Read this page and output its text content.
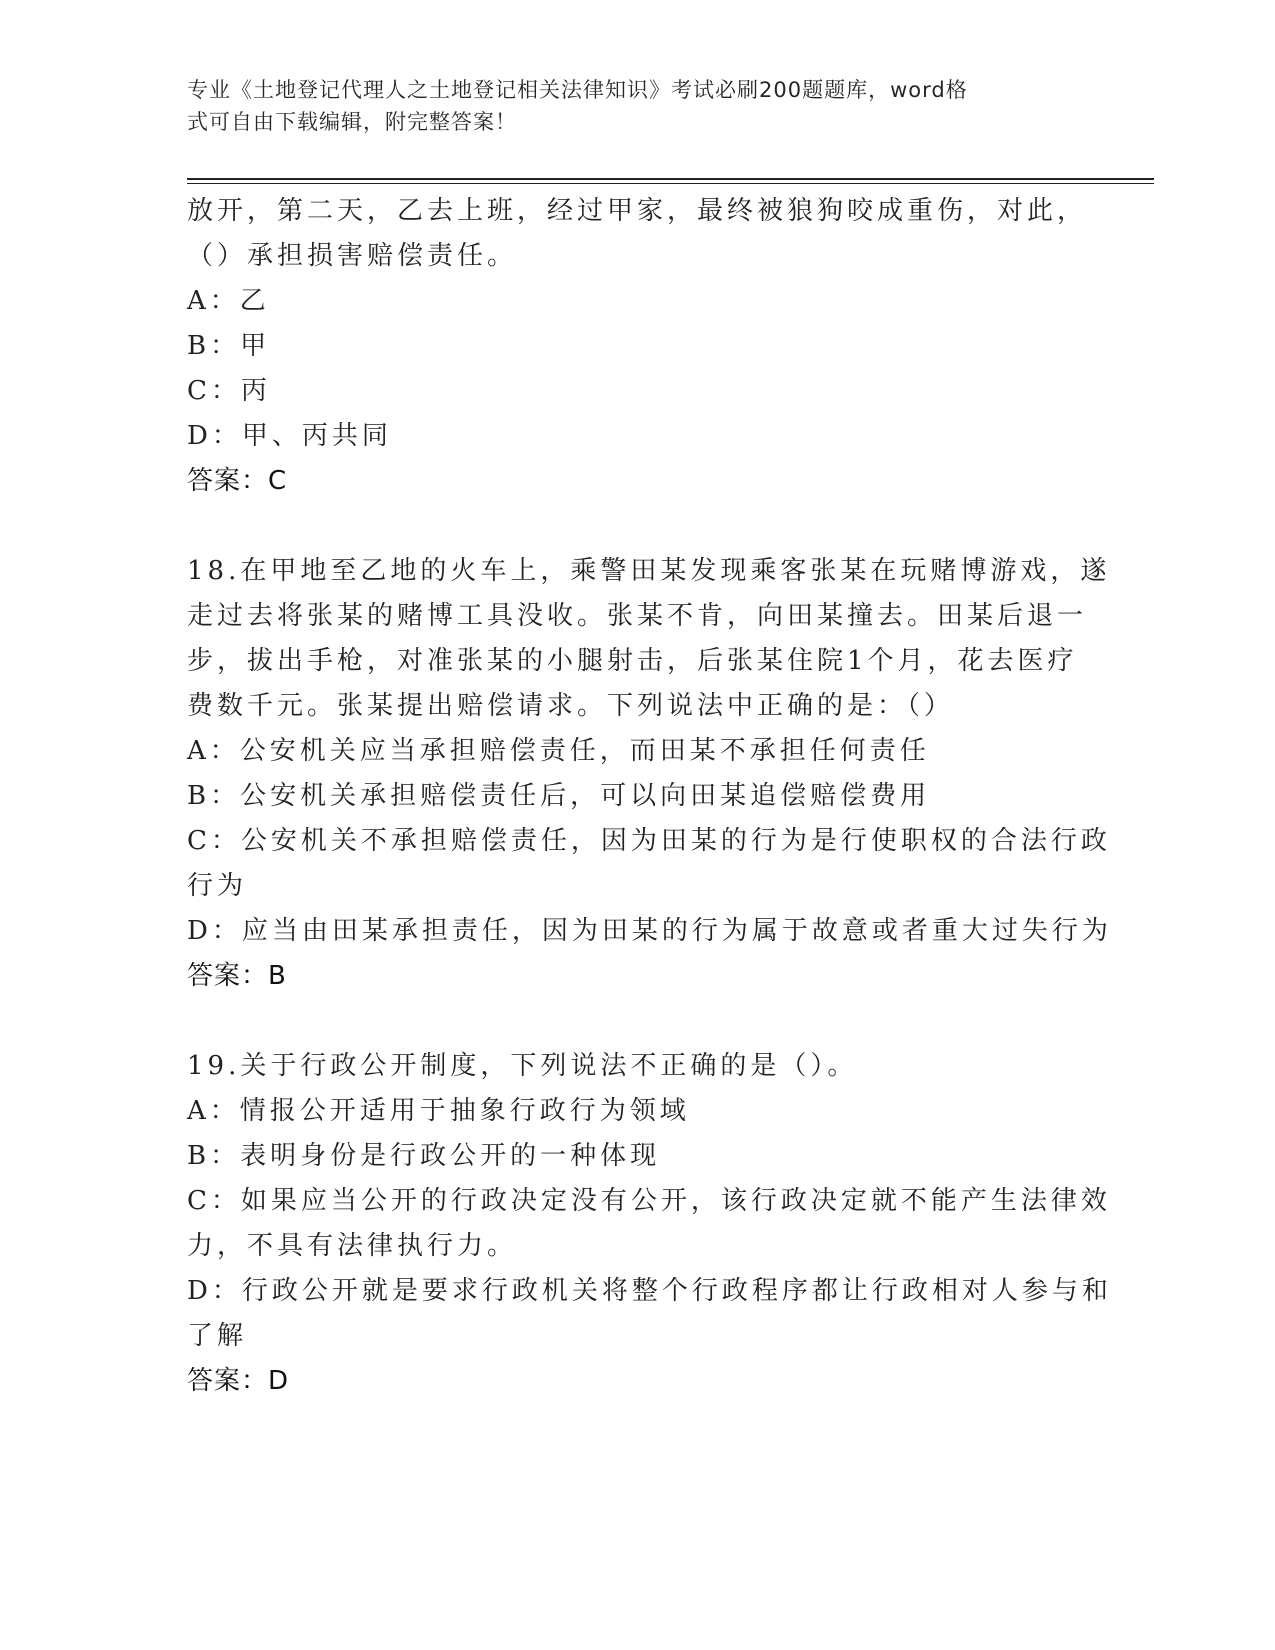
专业《土地登记代理人之土地登记相关法律知识》考试必刷200题题库，word格
式可自由下载编辑，附完整答案！
放开，第二天，乙去上班，经过甲家，最终被狼狗咬成重伤，对此，
（）承担损害赔偿责任。
A：乙
B：甲
C：丙
D：甲、丙共同
答案：C
18.在甲地至乙地的火车上，乘警田某发现乘客张某在玩赌博游戏，遂
走过去将张某的赌博工具没收。张某不肯，向田某撞去。田某后退一
步，拔出手枪，对准张某的小腿射击，后张某住院1个月，花去医疗
费数千元。张某提出赔偿请求。下列说法中正确的是：（）
A：公安机关应当承担赔偿责任，而田某不承担任何责任
B：公安机关承担赔偿责任后，可以向田某追偿赔偿费用
C：公安机关不承担赔偿责任，因为田某的行为是行使职权的合法行政
行为
D：应当由田某承担责任，因为田某的行为属于故意或者重大过失行为
答案：B
19.关于行政公开制度，下列说法不正确的是（）。
A：情报公开适用于抽象行政行为领域
B：表明身份是行政公开的一种体现
C：如果应当公开的行政决定没有公开，该行政决定就不能产生法律效
力，不具有法律执行力。
D：行政公开就是要求行政机关将整个行政程序都让行政相对人参与和
了解
答案：D
